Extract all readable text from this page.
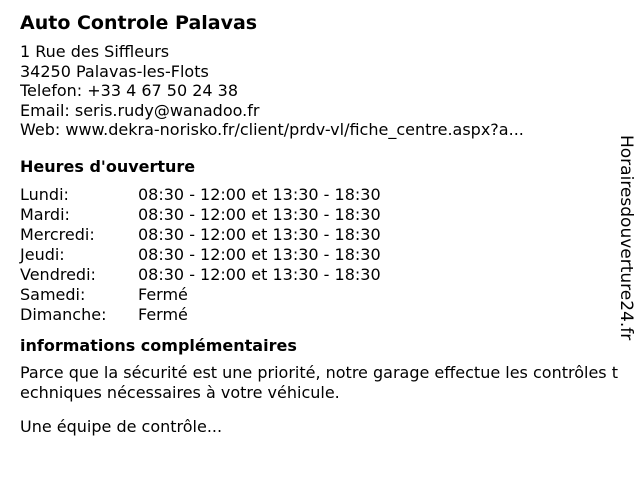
Auto Controle Palavas
1 Rue des Siffleurs
34250 Palavas-les-Flots
Telefon: +33 4 67 50 24 38
Email: seris.rudy@wanadoo.fr
Web: www.dekra-norisko.fr/client/prdv-vl/fiche_centre.aspx?a...
Heures d'ouverture
Lundi:	08:30 - 12:00 et 13:30 - 18:30
Mardi:	08:30 - 12:00 et 13:30 - 18:30
Mercredi:	08:30 - 12:00 et 13:30 - 18:30
Jeudi:	08:30 - 12:00 et 13:30 - 18:30
Vendredi:	08:30 - 12:00 et 13:30 - 18:30
Samedi:	Fermé
Dimanche:	Fermé
informations complémentaires
Parce que la sécurité est une priorité, notre garage effectue les contrôles techniques nécessaires à votre véhicule.
Une équipe de contrôle...
Horairesdouverture24.fr
